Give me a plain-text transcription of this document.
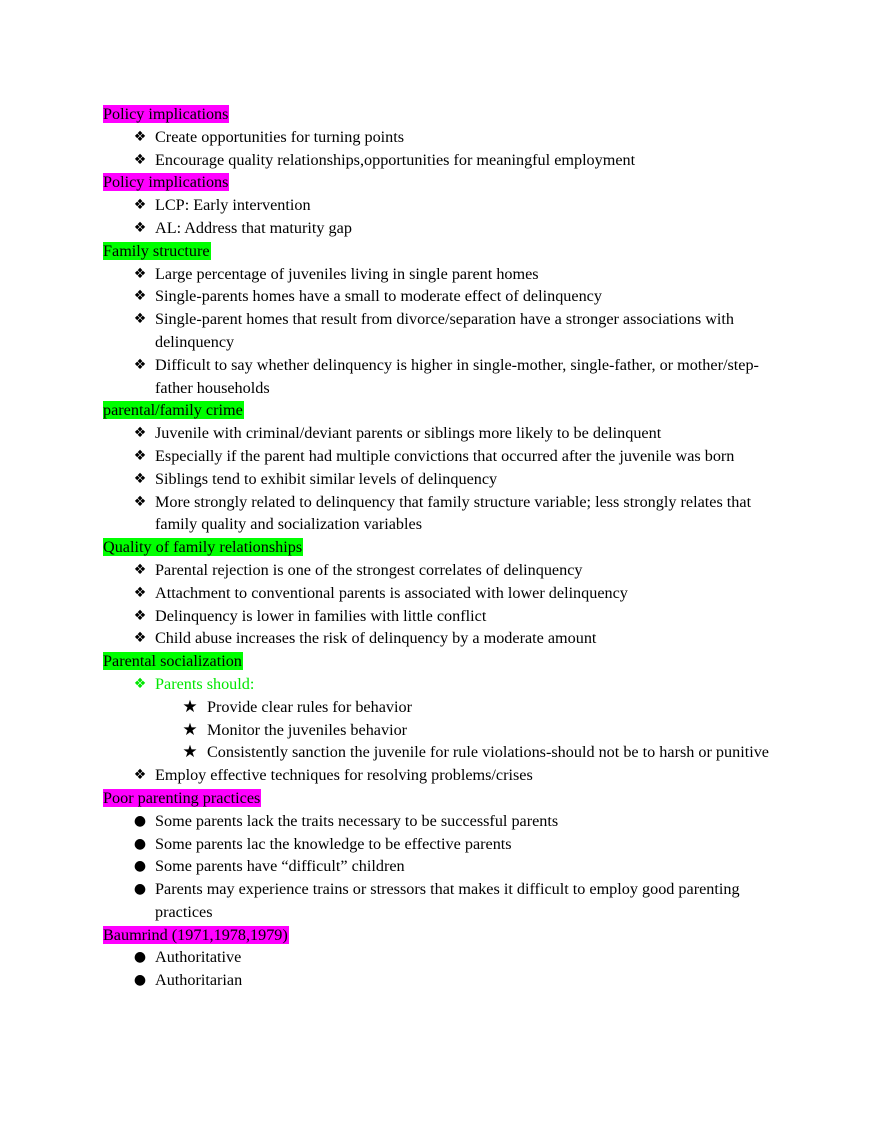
Policy implications
❖ Create opportunities for turning points
❖ Encourage quality relationships,opportunities for meaningful employment
Policy implications
❖ LCP: Early intervention
❖ AL: Address that maturity gap
Family structure
❖ Large percentage of juveniles living in single parent homes
❖ Single-parents homes have a small to moderate effect of delinquency
❖ Single-parent homes that result from divorce/separation have a stronger associations with delinquency
❖ Difficult to say whether delinquency is higher in single-mother, single-father, or mother/step-father households
parental/family crime
❖ Juvenile with criminal/deviant parents or siblings more likely to be delinquent
❖ Especially if the parent had multiple convictions that occurred after the juvenile was born
❖ Siblings tend to exhibit similar levels of delinquency
❖ More strongly related to delinquency that family structure variable; less strongly relates that family quality and socialization variables
Quality of family relationships
❖ Parental rejection is one of the strongest correlates of delinquency
❖ Attachment to conventional parents is associated with lower delinquency
❖ Delinquency is lower in families with little conflict
❖ Child abuse increases the risk of delinquency by a moderate amount
Parental socialization
❖ Parents should:
★ Provide clear rules for behavior
★ Monitor the juveniles behavior
★ Consistently sanction the juvenile for rule violations-should not be to harsh or punitive
❖ Employ effective techniques for resolving problems/crises
Poor parenting practices
● Some parents lack the traits necessary to be successful parents
● Some parents lac the knowledge to be effective parents
● Some parents have “difficult” children
● Parents may experience trains or stressors that makes it difficult to employ good parenting practices
Baumrind (1971,1978,1979)
● Authoritative
● Authoritarian
